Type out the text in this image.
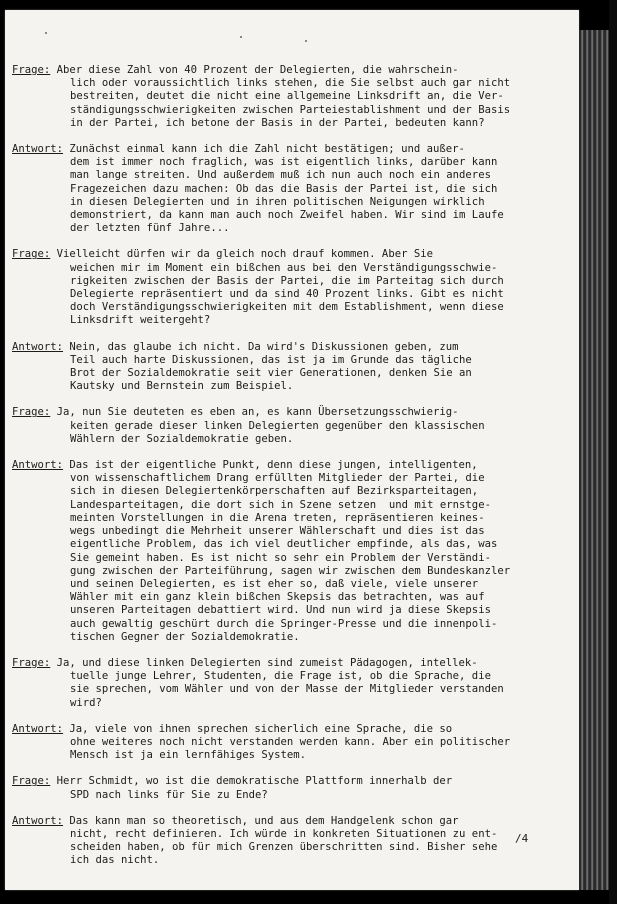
Frage: Aber diese Zahl von 40 Prozent der Delegierten, die wahrschein-
lich oder voraussichtlich links stehen, die Sie selbst auch gar nicht
bestreiten, deutet die nicht eine allgemeine Linksdrift an, die Ver-
ständigungsschwierigkeiten zwischen Parteiestablishment und der Basis
in der Partei, ich betone der Basis in der Partei, bedeuten kann?
Antwort: Zunächst einmal kann ich die Zahl nicht bestätigen; und außer-
dem ist immer noch fraglich, was ist eigentlich links, darüber kann
man lange streiten. Und außerdem muß ich nun auch noch ein anderes
Fragezeichen dazu machen: Ob das die Basis der Partei ist, die sich
in diesen Delegierten und in ihren politischen Neigungen wirklich
demonstriert, da kann man auch noch Zweifel haben. Wir sind im Laufe
der letzten fünf Jahre...
Frage: Vielleicht dürfen wir da gleich noch drauf kommen. Aber Sie
weichen mir im Moment ein bißchen aus bei den Verständigungsschwie-
rigkeiten zwischen der Basis der Partei, die im Parteitag sich durch
Delegierte repräsentiert und da sind 40 Prozent links. Gibt es nicht
doch Verständigungsschwierigkeiten mit dem Establishment, wenn diese
Linksdrift weitergeht?
Antwort: Nein, das glaube ich nicht. Da wird's Diskussionen geben, zum
Teil auch harte Diskussionen, das ist ja im Grunde das tägliche
Brot der Sozialdemokratie seit vier Generationen, denken Sie an
Kautsky und Bernstein zum Beispiel.
Frage: Ja, nun Sie deuteten es eben an, es kann Übersetzungsschwierig-
keiten gerade dieser linken Delegierten gegenüber den klassischen
Wählern der Sozialdemokratie geben.
Antwort: Das ist der eigentliche Punkt, denn diese jungen, intelligenten,
von wissenschaftlichem Drang erfüllten Mitglieder der Partei, die
sich in diesen Delegiertenkörperschaften auf Bezirksparteitagen,
Landesparteitagen, die dort sich in Szene setzen  und mit ernstge-
meinten Vorstellungen in die Arena treten, repräsentieren keines-
wegs unbedingt die Mehrheit unserer Wählerschaft und dies ist das
eigentliche Problem, das ich viel deutlicher empfinde, als das, was
Sie gemeint haben. Es ist nicht so sehr ein Problem der Verständi-
gung zwischen der Parteiführung, sagen wir zwischen dem Bundeskanzler
und seinen Delegierten, es ist eher so, daß viele, viele unserer
Wähler mit ein ganz klein bißchen Skepsis das betrachten, was auf
unseren Parteitagen debattiert wird. Und nun wird ja diese Skepsis
auch gewaltig geschürt durch die Springer-Presse und die innenpoli-
tischen Gegner der Sozialdemokratie.
Frage: Ja, und diese linken Delegierten sind zumeist Pädagogen, intellek-
tuelle junge Lehrer, Studenten, die Frage ist, ob die Sprache, die
sie sprechen, vom Wähler und von der Masse der Mitglieder verstanden
wird?
Antwort: Ja, viele von ihnen sprechen sicherlich eine Sprache, die so
ohne weiteres noch nicht verstanden werden kann. Aber ein politischer
Mensch ist ja ein lernfähiges System.
Frage: Herr Schmidt, wo ist die demokratische Plattform innerhalb der
SPD nach links für Sie zu Ende?
Antwort: Das kann man so theoretisch, und aus dem Handgelenk schon gar
nicht, recht definieren. Ich würde in konkreten Situationen zu ent-
scheiden haben, ob für mich Grenzen überschritten sind. Bisher sehe
ich das nicht.
/4
